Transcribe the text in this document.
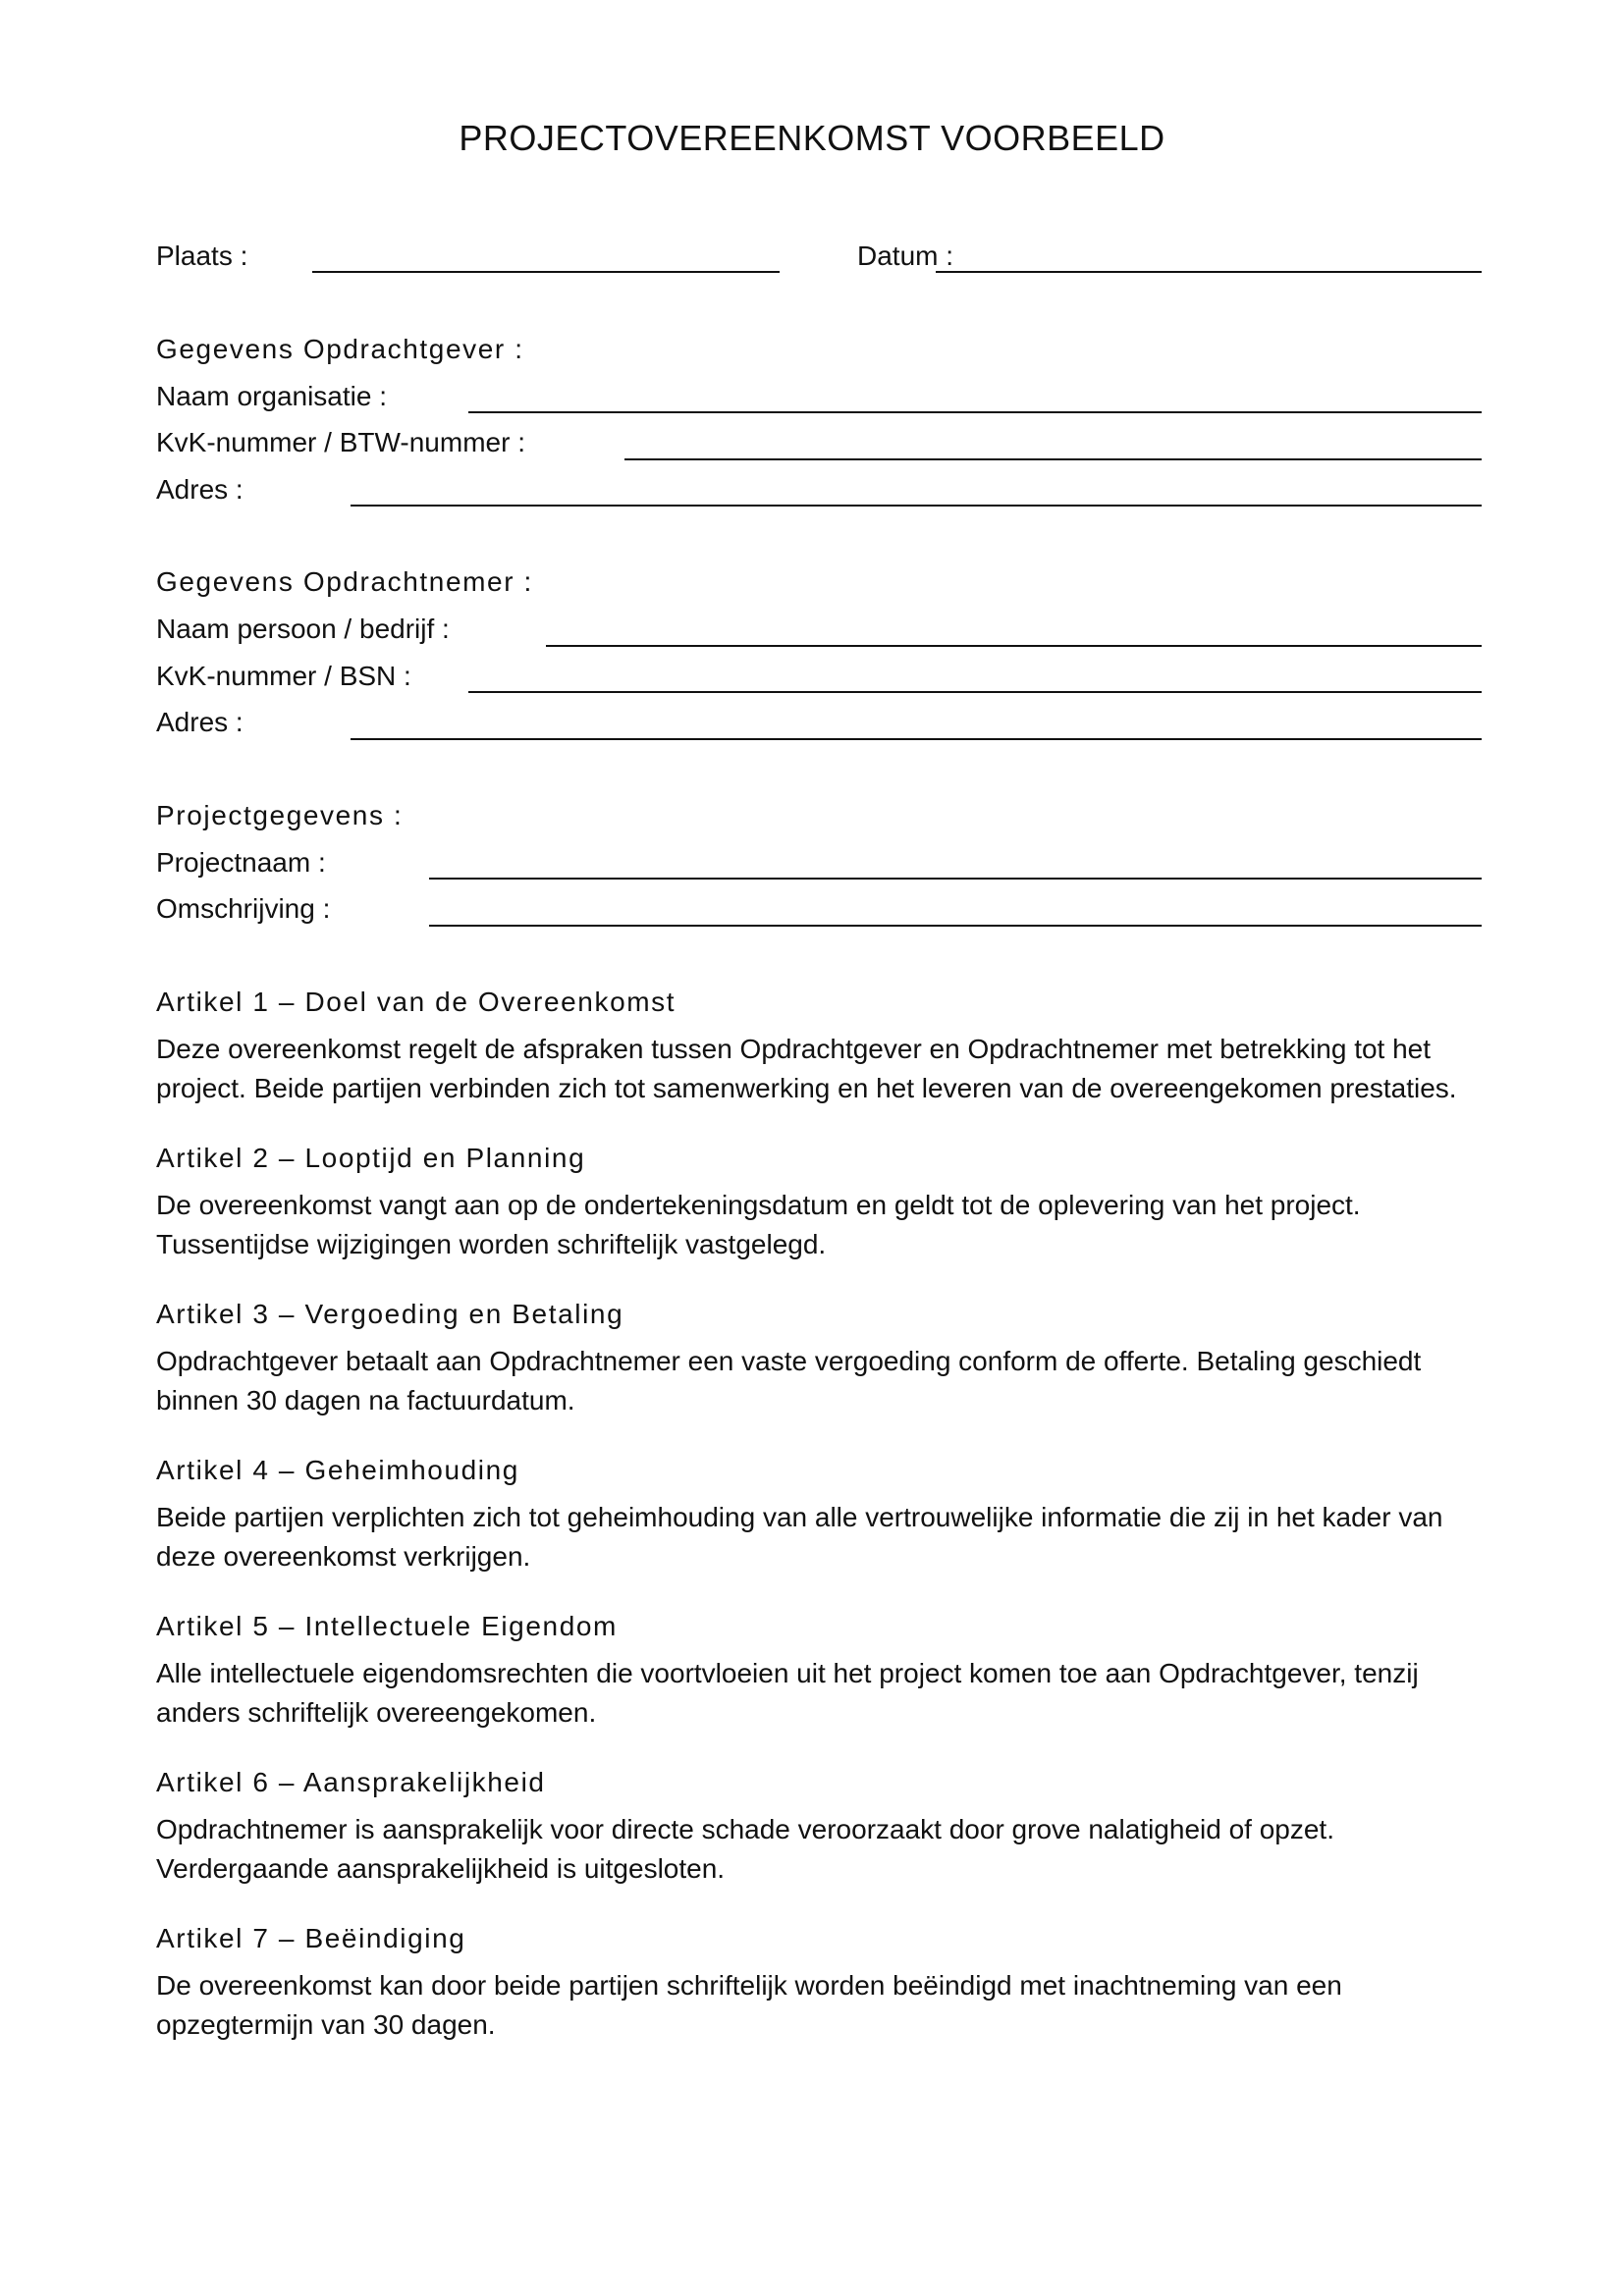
PROJECTOVEREENKOMST VOORBEELD
Plaats :	Datum :
Gegevens Opdrachtgever :
Naam organisatie :
KvK-nummer / BTW-nummer :
Adres :
Gegevens Opdrachtnemer :
Naam persoon / bedrijf :
KvK-nummer / BSN :
Adres :
Projectgegevens :
Projectnaam :
Omschrijving :
Artikel 1 – Doel van de Overeenkomst
Deze overeenkomst regelt de afspraken tussen Opdrachtgever en Opdrachtnemer met betrekking tot het
project. Beide partijen verbinden zich tot samenwerking en het leveren van de overeengekomen prestaties.
Artikel 2 – Looptijd en Planning
De overeenkomst vangt aan op de ondertekeningsdatum en geldt tot de oplevering van het project.
Tussentijdse wijzigingen worden schriftelijk vastgelegd.
Artikel 3 – Vergoeding en Betaling
Opdrachtgever betaalt aan Opdrachtnemer een vaste vergoeding conform de offerte. Betaling geschiedt
binnen 30 dagen na factuurdatum.
Artikel 4 – Geheimhouding
Beide partijen verplichten zich tot geheimhouding van alle vertrouwelijke informatie die zij in het kader van
deze overeenkomst verkrijgen.
Artikel 5 – Intellectuele Eigendom
Alle intellectuele eigendomsrechten die voortvloeien uit het project komen toe aan Opdrachtgever, tenzij
anders schriftelijk overeengekomen.
Artikel 6 – Aansprakelijkheid
Opdrachtnemer is aansprakelijk voor directe schade veroorzaakt door grove nalatigheid of opzet.
Verdergaande aansprakelijkheid is uitgesloten.
Artikel 7 – Beëindiging
De overeenkomst kan door beide partijen schriftelijk worden beëindigd met inachtneming van een
opzegtermijn van 30 dagen.
